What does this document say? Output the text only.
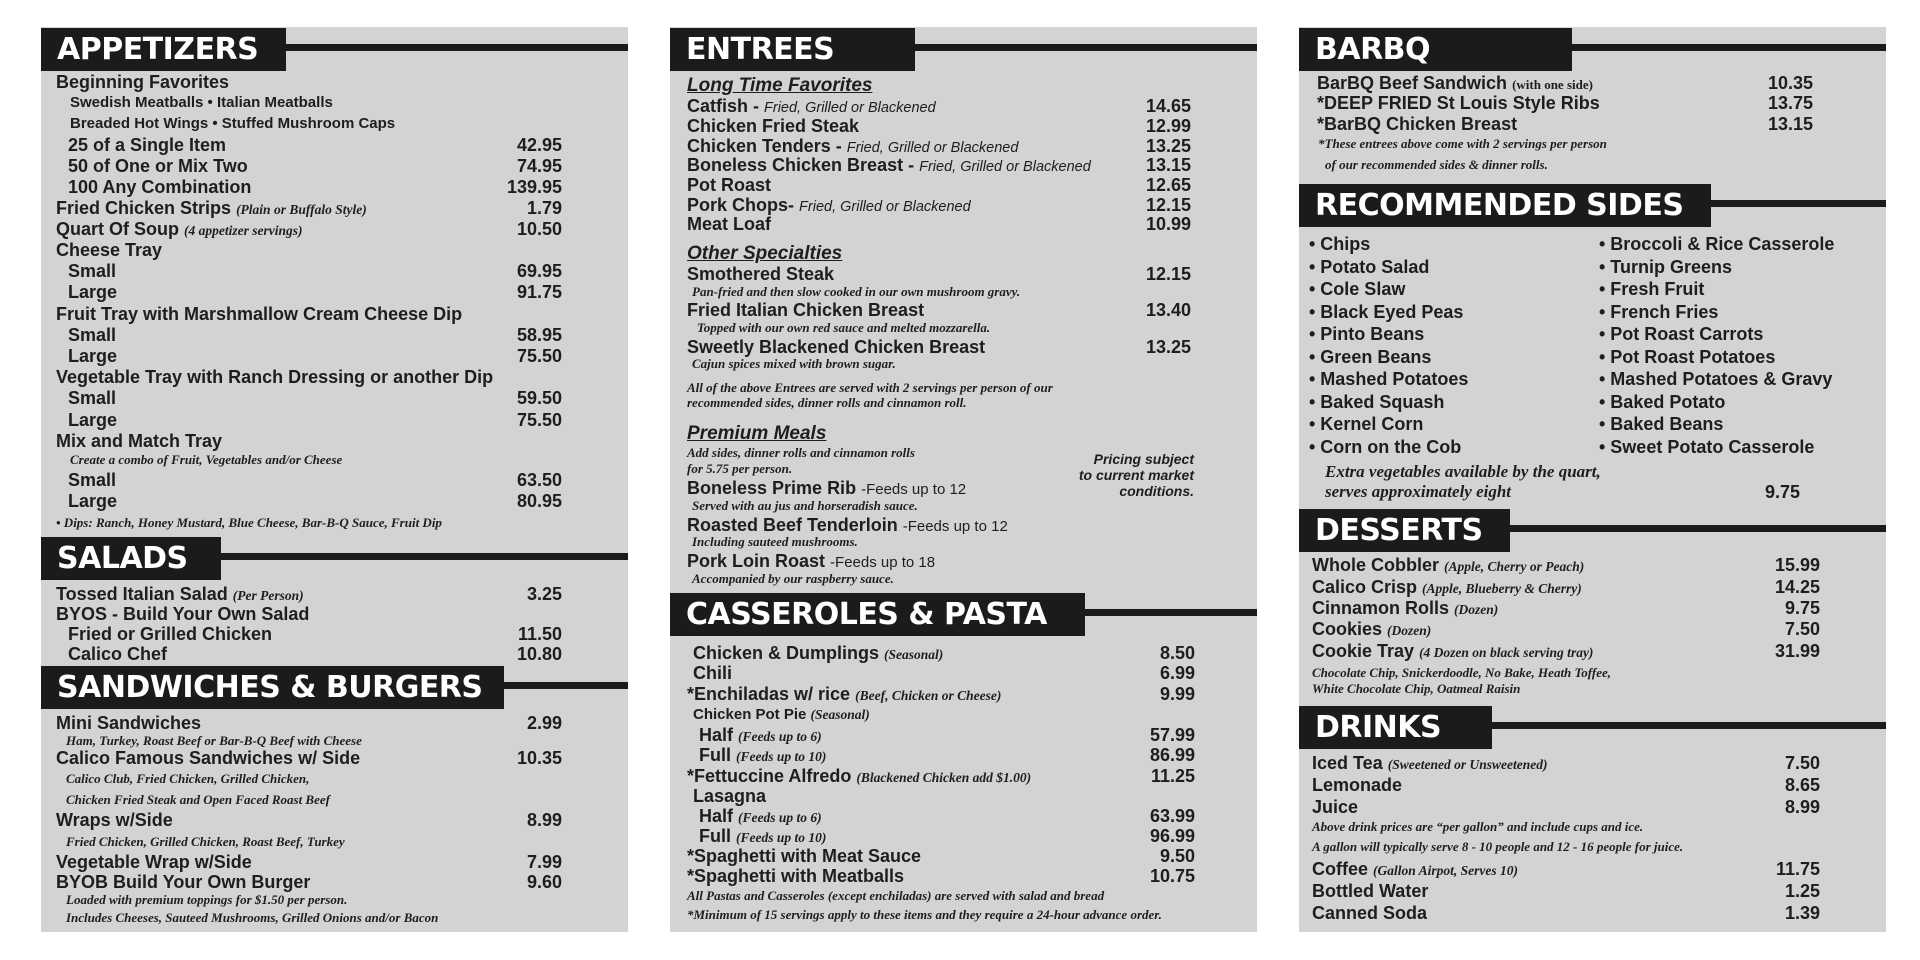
APPETIZERS
Beginning Favorites
Swedish Meatballs • Italian Meatballs
Breaded Hot Wings • Stuffed Mushroom Caps
25 of a Single Item	42.95
50 of One or Mix Two	74.95
100 Any Combination	139.95
Fried Chicken Strips (Plain or Buffalo Style)	1.79
Quart Of Soup (4 appetizer servings)	10.50
Cheese Tray
Small	69.95
Large	91.75
Fruit Tray with Marshmallow Cream Cheese Dip
Small	58.95
Large	75.50
Vegetable Tray with Ranch Dressing or another Dip
Small	59.50
Large	75.50
Mix and Match Tray
Create a combo of Fruit, Vegetables and/or Cheese
Small	63.50
Large	80.95
• Dips: Ranch, Honey Mustard, Blue Cheese, Bar-B-Q Sauce, Fruit Dip
SALADS
Tossed Italian Salad (Per Person)	3.25
BYOS - Build Your Own Salad
Fried or Grilled Chicken	11.50
Calico Chef	10.80
SANDWICHES & BURGERS
Mini Sandwiches	2.99
Ham, Turkey, Roast Beef or Bar-B-Q Beef with Cheese
Calico Famous Sandwiches w/ Side	10.35
Calico Club, Fried Chicken, Grilled Chicken,
Chicken Fried Steak and Open Faced Roast Beef
Wraps w/Side	8.99
Fried Chicken, Grilled Chicken, Roast Beef, Turkey
Vegetable Wrap w/Side	7.99
BYOB Build Your Own Burger	9.60
Loaded with premium toppings for $1.50 per person.
Includes Cheeses, Sauteed Mushrooms, Grilled Onions and/or Bacon
ENTREES
Long Time Favorites
Catfish - Fried, Grilled or Blackened	14.65
Chicken Fried Steak	12.99
Chicken Tenders - Fried, Grilled or Blackened	13.25
Boneless Chicken Breast - Fried, Grilled or Blackened	13.15
Pot Roast	12.65
Pork Chops- Fried, Grilled or Blackened	12.15
Meat Loaf	10.99
Other Specialties
Smothered Steak	12.15
Pan-fried and then slow cooked in our own mushroom gravy.
Fried Italian Chicken Breast	13.40
Topped with our own red sauce and melted mozzarella.
Sweetly Blackened Chicken Breast	13.25
Cajun spices mixed with brown sugar.
All of the above Entrees are served with 2 servings per person of our
recommended sides, dinner rolls and cinnamon roll.
Premium Meals
Add sides, dinner rolls and cinnamon rolls
for 5.75 per person.
Pricing subject
to current market
conditions.
Boneless Prime Rib -Feeds up to 12
Served with au jus and horseradish sauce.
Roasted Beef Tenderloin -Feeds up to 12
Including sauteed mushrooms.
Pork Loin Roast -Feeds up to 18
Accompanied by our raspberry sauce.
CASSEROLES & PASTA
Chicken & Dumplings (Seasonal)	8.50
Chili	6.99
*Enchiladas w/ rice (Beef, Chicken or Cheese)	9.99
Chicken Pot Pie (Seasonal)
Half (Feeds up to 6)	57.99
Full (Feeds up to 10)	86.99
*Fettuccine Alfredo (Blackened Chicken add $1.00)	11.25
Lasagna
Half (Feeds up to 6)	63.99
Full (Feeds up to 10)	96.99
*Spaghetti with Meat Sauce	9.50
*Spaghetti with Meatballs	10.75
All Pastas and Casseroles (except enchiladas) are served with salad and bread
*Minimum of 15 servings apply to these items and they require a 24-hour advance order.
BARBQ
BarBQ Beef Sandwich (with one side)	10.35
*DEEP FRIED St Louis Style Ribs	13.75
*BarBQ Chicken Breast	13.15
*These entrees above come with 2 servings per person
of our recommended sides & dinner rolls.
RECOMMENDED SIDES
• Chips
• Potato Salad
• Cole Slaw
• Black Eyed Peas
• Pinto Beans
• Green Beans
• Mashed Potatoes
• Baked Squash
• Kernel Corn
• Corn on the Cob
• Broccoli & Rice Casserole
• Turnip Greens
• Fresh Fruit
• French Fries
• Pot Roast Carrots
• Pot Roast Potatoes
• Mashed Potatoes & Gravy
• Baked Potato
• Baked Beans
• Sweet Potato Casserole
Extra vegetables available by the quart,
serves approximately eight	9.75
DESSERTS
Whole Cobbler (Apple, Cherry or Peach)	15.99
Calico Crisp (Apple, Blueberry & Cherry)	14.25
Cinnamon Rolls (Dozen)	9.75
Cookies (Dozen)	7.50
Cookie Tray (4 Dozen on black serving tray)	31.99
Chocolate Chip, Snickerdoodle, No Bake, Heath Toffee,
White Chocolate Chip, Oatmeal Raisin
DRINKS
Iced Tea (Sweetened or Unsweetened)	7.50
Lemonade	8.65
Juice	8.99
Above drink prices are “per gallon” and include cups and ice.
A gallon will typically serve 8 - 10 people and 12 - 16 people for juice.
Coffee (Gallon Airpot, Serves 10)	11.75
Bottled Water	1.25
Canned Soda	1.39
